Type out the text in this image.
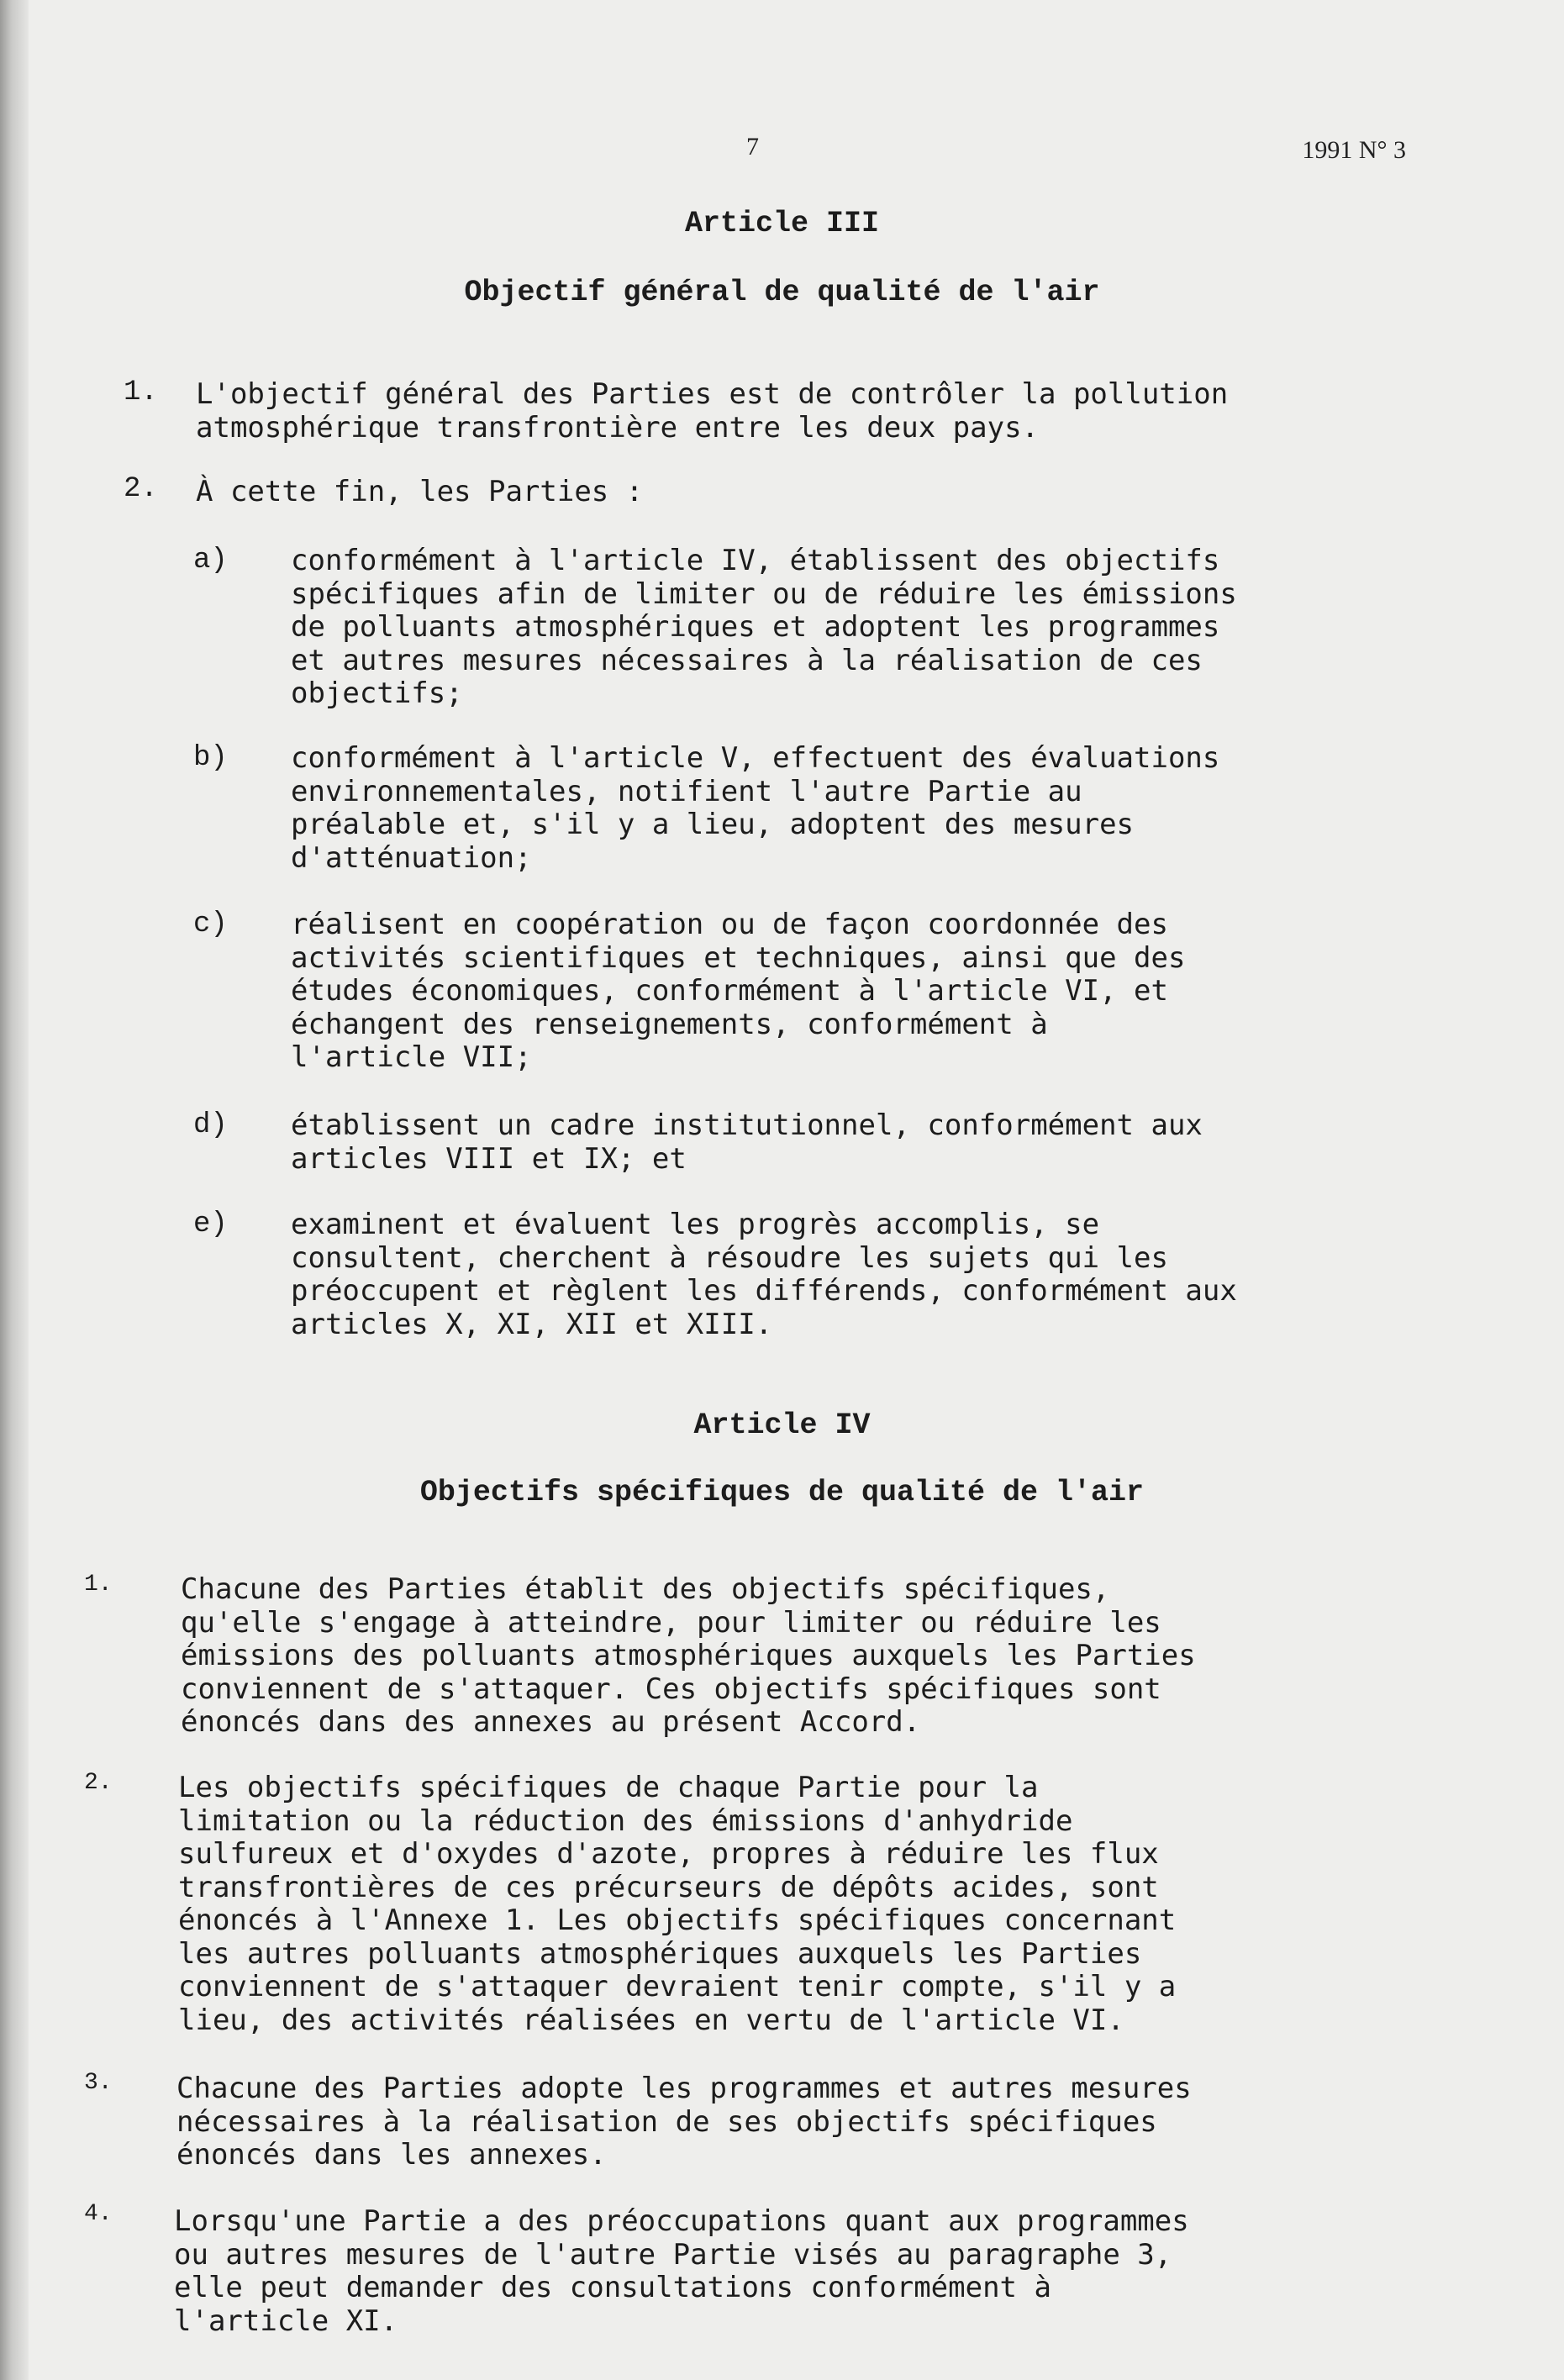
7	1991 N° 3
Article III
Objectif général de qualité de l'air
1. L'objectif général des Parties est de contrôler la pollution
atmosphérique transfrontière entre les deux pays.
2. À cette fin, les Parties :
a) conformément à l'article IV, établissent des objectifs
spécifiques afin de limiter ou de réduire les émissions
de polluants atmosphériques et adoptent les programmes
et autres mesures nécessaires à la réalisation de ces
objectifs;
b) conformément à l'article V, effectuent des évaluations
environnementales, notifient l'autre Partie au
préalable et, s'il y a lieu, adoptent des mesures
d'atténuation;
c) réalisent en coopération ou de façon coordonnée des
activités scientifiques et techniques, ainsi que des
études économiques, conformément à l'article VI, et
échangent des renseignements, conformément à
l'article VII;
d) établissent un cadre institutionnel, conformément aux
articles VIII et IX; et
e) examinent et évaluent les progrès accomplis, se
consultent, cherchent à résoudre les sujets qui les
préoccupent et règlent les différends, conformément aux
articles X, XI, XII et XIII.
Article IV
Objectifs spécifiques de qualité de l'air
1. Chacune des Parties établit des objectifs spécifiques,
qu'elle s'engage à atteindre, pour limiter ou réduire les
émissions des polluants atmosphériques auxquels les Parties
conviennent de s'attaquer. Ces objectifs spécifiques sont
énoncés dans des annexes au présent Accord.
2. Les objectifs spécifiques de chaque Partie pour la
limitation ou la réduction des émissions d'anhydride
sulfureux et d'oxydes d'azote, propres à réduire les flux
transfrontières de ces précurseurs de dépôts acides, sont
énoncés à l'Annexe 1. Les objectifs spécifiques concernant
les autres polluants atmosphériques auxquels les Parties
conviennent de s'attaquer devraient tenir compte, s'il y a
lieu, des activités réalisées en vertu de l'article VI.
3. Chacune des Parties adopte les programmes et autres mesures
nécessaires à la réalisation de ses objectifs spécifiques
énoncés dans les annexes.
4. Lorsqu'une Partie a des préoccupations quant aux programmes
ou autres mesures de l'autre Partie visés au paragraphe 3,
elle peut demander des consultations conformément à
l'article XI.
